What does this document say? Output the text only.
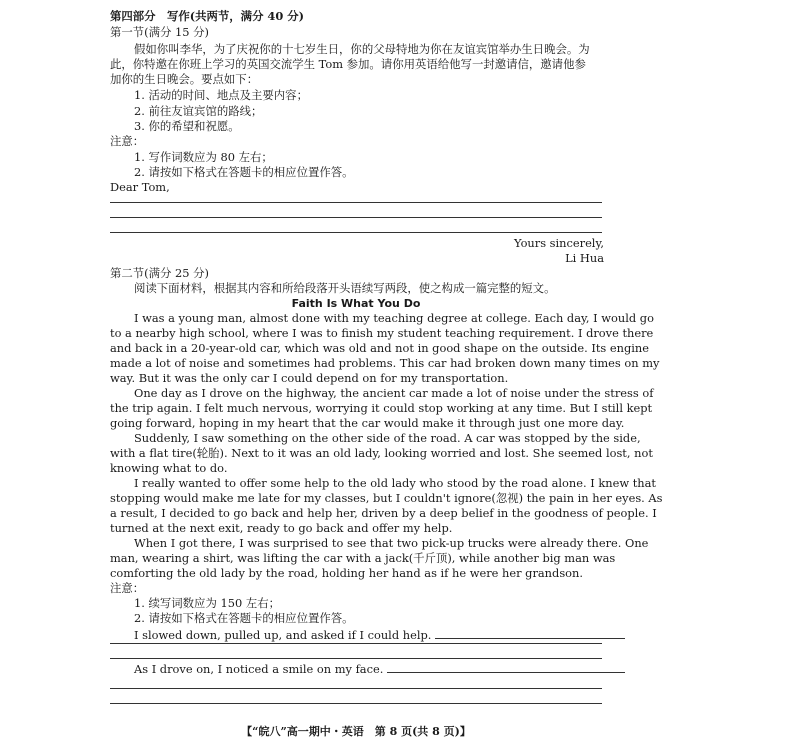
第四部分　写作(共两节，满分 40 分)
第一节(满分 15 分)
假如你叫李华，为了庆祝你的十七岁生日，你的父母特地为你在友谊宾馆举办生日晚会。为
此，你特邀在你班上学习的英国交流学生 Tom 参加。请你用英语给他写一封邀请信，邀请他参
加你的生日晚会。要点如下：
1. 活动的时间、地点及主要内容；
2. 前往友谊宾馆的路线；
3. 你的希望和祝愿。
注意：
1. 写作词数应为 80 左右；
2. 请按如下格式在答题卡的相应位置作答。
Dear Tom,
Yours sincerely,
Li Hua
第二节(满分 25 分)
阅读下面材料，根据其内容和所给段落开头语续写两段，使之构成一篇完整的短文。
Faith Is What You Do
I was a young man, almost done with my teaching degree at college. Each day, I would go
to a nearby high school, where I was to finish my student teaching requirement. I drove there
and back in a 20-year-old car, which was old and not in good shape on the outside. Its engine
made a lot of noise and sometimes had problems. This car had broken down many times on my
way. But it was the only car I could depend on for my transportation.
One day as I drove on the highway, the ancient car made a lot of noise under the stress of
the trip again. I felt much nervous, worrying it could stop working at any time. But I still kept
going forward, hoping in my heart that the car would make it through just one more day.
Suddenly, I saw something on the other side of the road. A car was stopped by the side,
with a flat tire(轮胎). Next to it was an old lady, looking worried and lost. She seemed lost, not
knowing what to do.
I really wanted to offer some help to the old lady who stood by the road alone. I knew that
stopping would make me late for my classes, but I couldn't ignore(忽视) the pain in her eyes. As
a result, I decided to go back and help her, driven by a deep belief in the goodness of people. I
turned at the next exit, ready to go back and offer my help.
When I got there, I was surprised to see that two pick-up trucks were already there. One
man, wearing a shirt, was lifting the car with a jack(千斤顶), while another big man was
comforting the old lady by the road, holding her hand as if he were her grandson.
注意：
1. 续写词数应为 150 左右；
2. 请按如下格式在答题卡的相应位置作答。
I slowed down, pulled up, and asked if I could help.
As I drove on, I noticed a smile on my face.
【“皖八”高一期中・英语　第 8 页(共 8 页)】
